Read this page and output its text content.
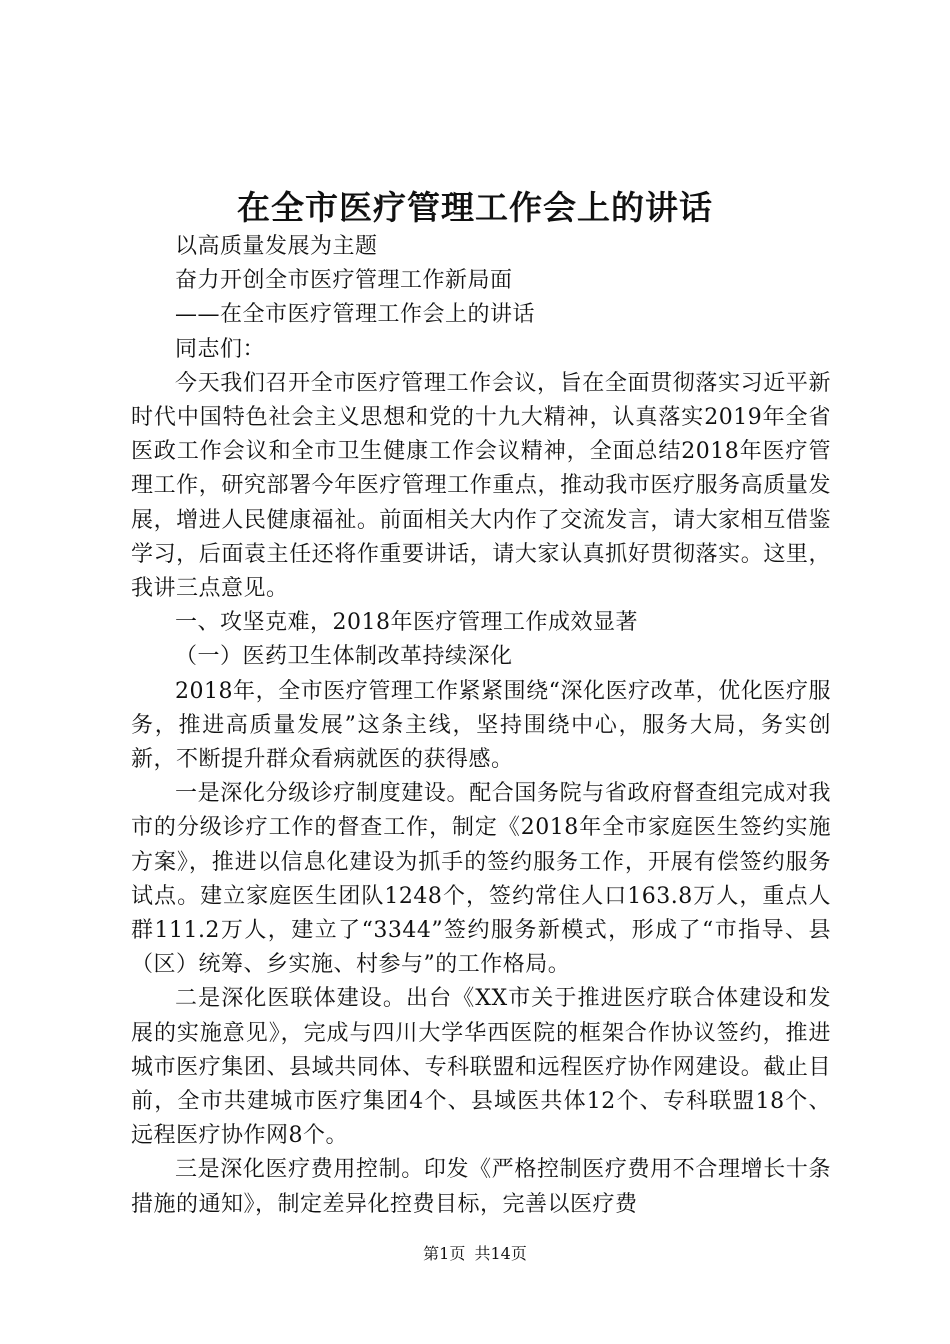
在全市医疗管理工作会上的讲话

以高质量发展为主题

奋力开创全市医疗管理工作新局面

——在全市医疗管理工作会上的讲话

同志们：

今天我们召开全市医疗管理工作会议，旨在全面贯彻落实习近平新时代中国特色社会主义思想和党的十九大精神，认真落实2019年全省医政工作会议和全市卫生健康工作会议精神，全面总结2018年医疗管理工作，研究部署今年医疗管理工作重点，推动我市医疗服务高质量发展，增进人民健康福祉。前面相关大内作了交流发言，请大家相互借鉴学习，后面袁主任还将作重要讲话，请大家认真抓好贯彻落实。这里，我讲三点意见。

一、攻坚克难，2018年医疗管理工作成效显著

（一）医药卫生体制改革持续深化

2018年，全市医疗管理工作紧紧围绕“深化医疗改革，优化医疗服务，推进高质量发展”这条主线，坚持围绕中心，服务大局，务实创新，不断提升群众看病就医的获得感。

一是深化分级诊疗制度建设。配合国务院与省政府督查组完成对我市的分级诊疗工作的督查工作，制定《2018年全市家庭医生签约实施方案》，推进以信息化建设为抓手的签约服务工作，开展有偿签约服务试点。建立家庭医生团队1248个，签约常住人口163.8万人，重点人群111.2万人，建立了“3344”签约服务新模式，形成了“市指导、县（区）统筹、乡实施、村参与”的工作格局。

二是深化医联体建设。出台《XX市关于推进医疗联合体建设和发展的实施意见》，完成与四川大学华西医院的框架合作协议签约，推进城市医疗集团、县域共同体、专科联盟和远程医疗协作网建设。截止目前，全市共建城市医疗集团4个、县域医共体12个、专科联盟18个、远程医疗协作网8个。

三是深化医疗费用控制。印发《严格控制医疗费用不合理增长十条措施的通知》，制定差异化控费目标，完善以医疗费

第1页 共14页
